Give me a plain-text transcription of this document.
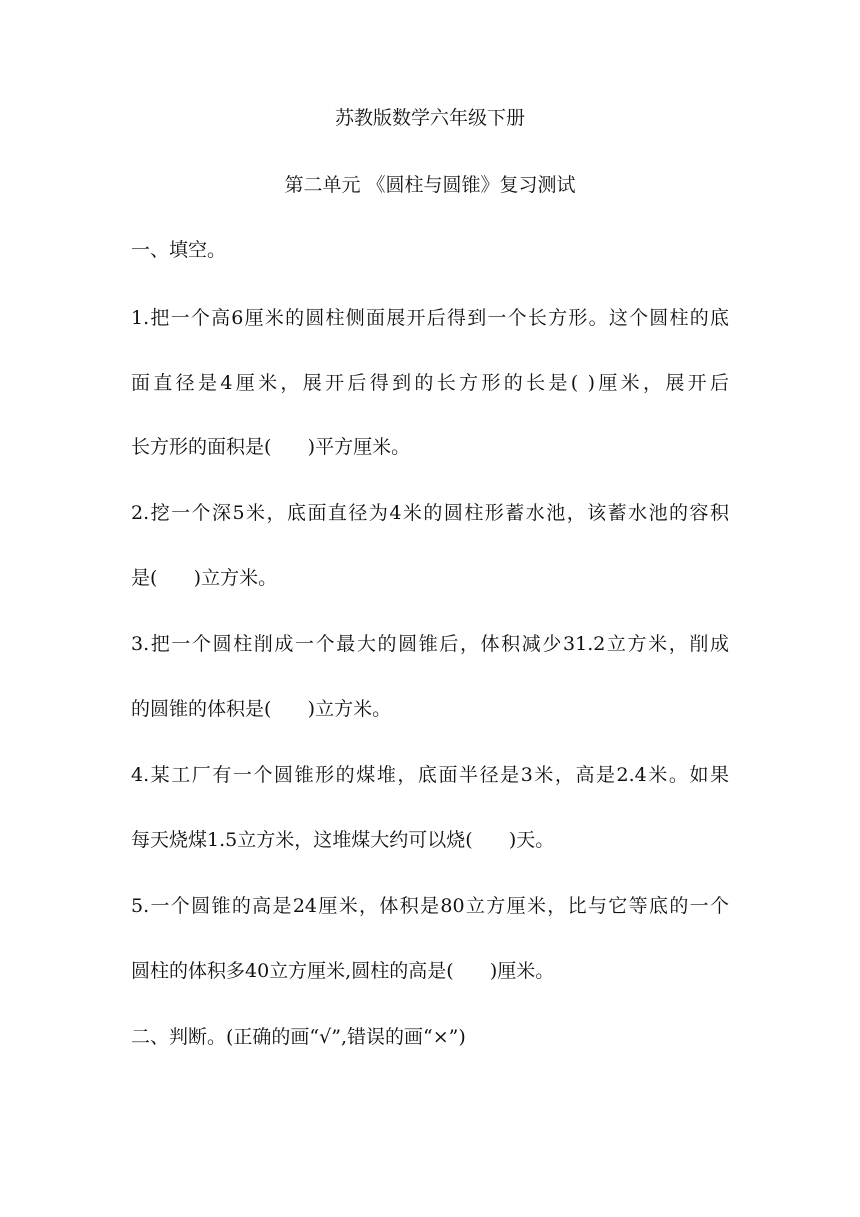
苏教版数学六年级下册
第二单元 《圆柱与圆锥》复习测试
一、填空。
1.把一个高6厘米的圆柱侧面展开后得到一个长方形。这个圆柱的底
面直径是4厘米，展开后得到的长方形的长是( )厘米，展开后
长方形的面积是(      )平方厘米。
2.挖一个深5米，底面直径为4米的圆柱形蓄水池，该蓄水池的容积
是(      )立方米。
3.把一个圆柱削成一个最大的圆锥后，体积减少31.2立方米，削成
的圆锥的体积是(      )立方米。
4.某工厂有一个圆锥形的煤堆，底面半径是3米，高是2.4米。如果
每天烧煤1.5立方米，这堆煤大约可以烧(      )天。
5.一个圆锥的高是24厘米，体积是80立方厘米，比与它等底的一个
圆柱的体积多40立方厘米,圆柱的高是(      )厘米。
二、判断。(正确的画“√”,错误的画“×”)
